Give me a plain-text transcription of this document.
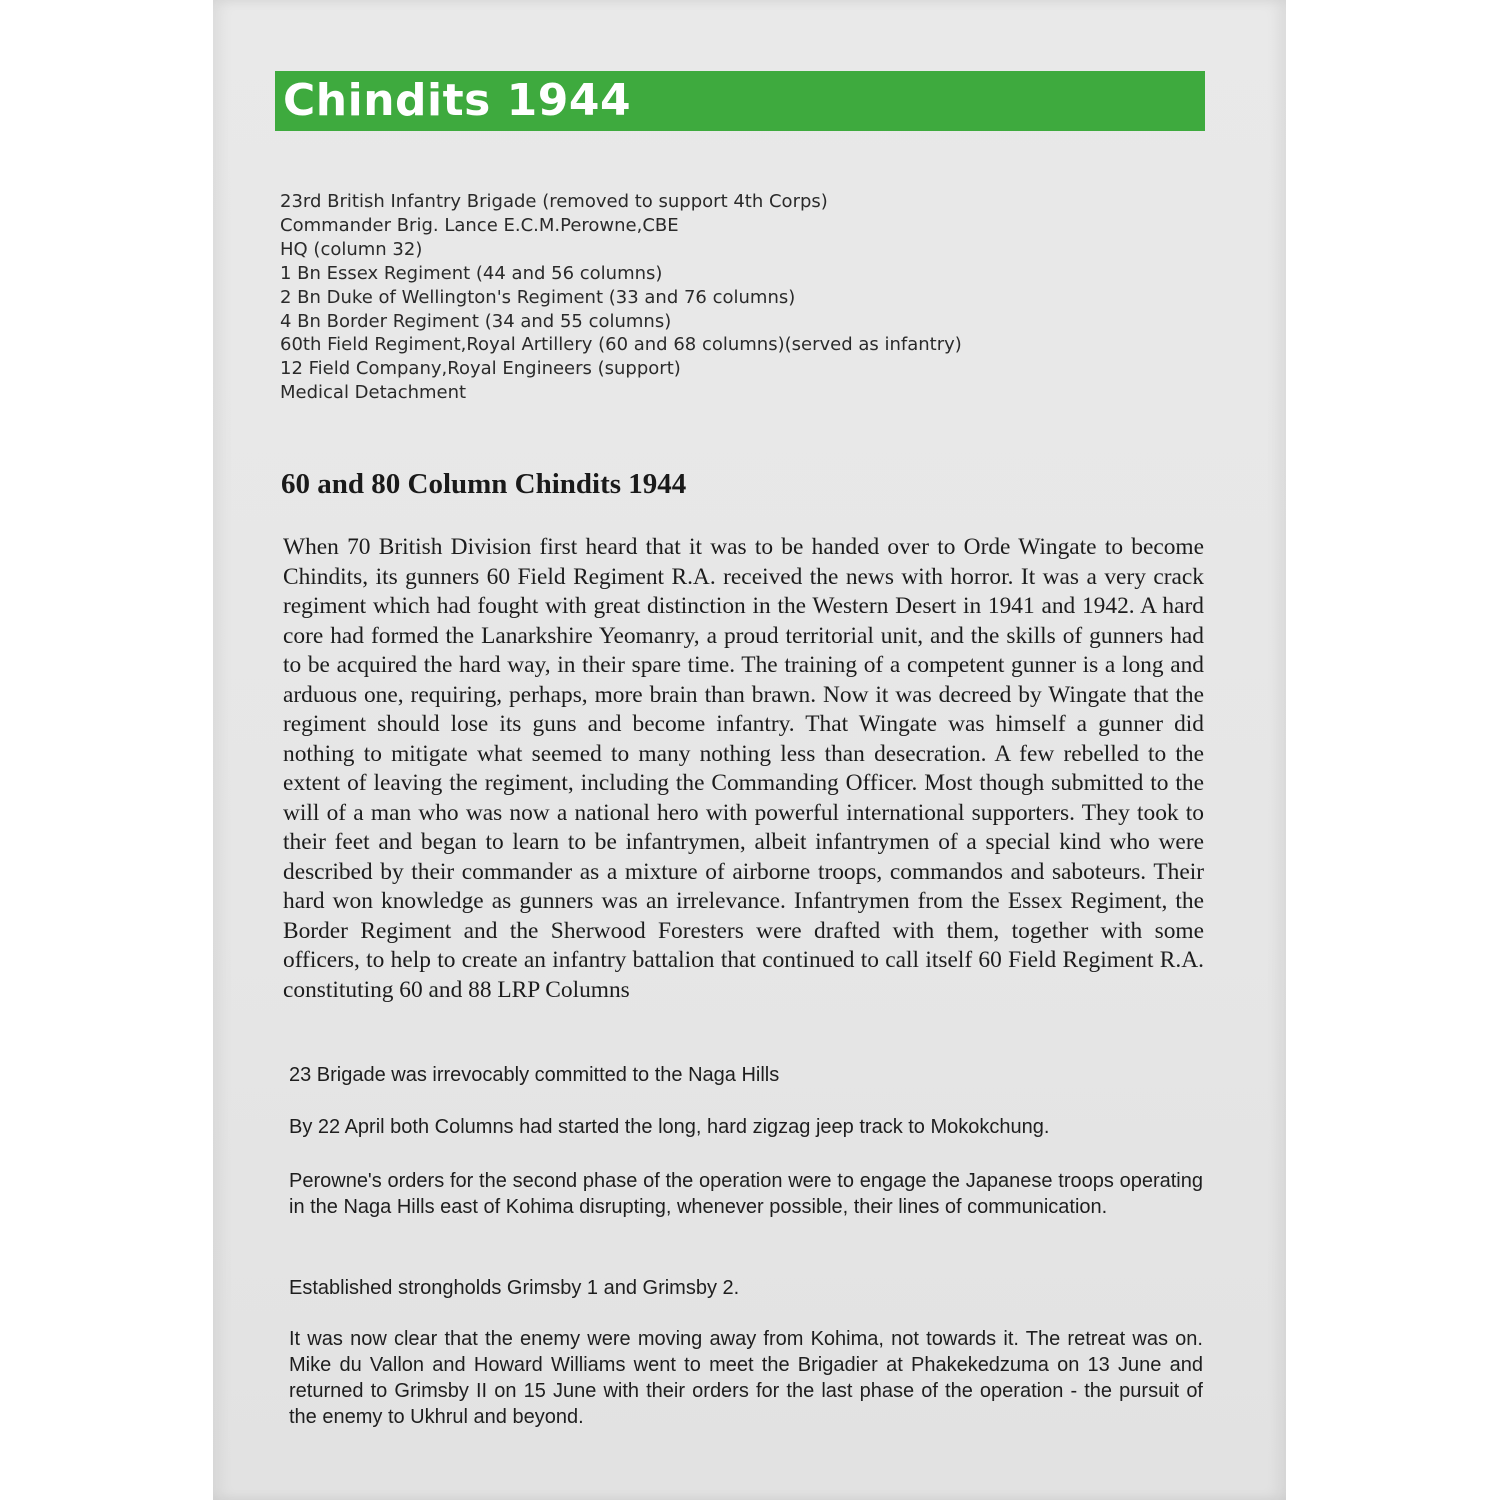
Chindits 1944
23rd British Infantry Brigade (removed to support 4th Corps)
Commander Brig. Lance E.C.M.Perowne,CBE
HQ (column 32)
1 Bn Essex Regiment (44 and 56 columns)
2 Bn Duke of Wellington's Regiment (33 and 76 columns)
4 Bn Border Regiment (34 and 55 columns)
60th Field Regiment,Royal Artillery (60 and 68 columns)(served as infantry)
12 Field Company,Royal Engineers (support)
Medical Detachment
60 and 80 Column Chindits 1944

When 70 British Division first heard that it was to be handed over to Orde Wingate to become Chindits, its gunners 60 Field Regiment R.A. received the news with horror. It was a very crack regiment which had fought with great distinction in the Western Desert in 1941 and 1942. A hard core had formed the Lanarkshire Yeomanry, a proud territorial unit, and the skills of gunners had to be acquired the hard way, in their spare time. The training of a competent gunner is a long and arduous one, requiring, perhaps, more brain than brawn. Now it was decreed by Wingate that the regiment should lose its guns and become infantry. That Wingate was himself a gunner did nothing to mitigate what seemed to many nothing less than desecration. A few rebelled to the extent of leaving the regiment, including the Commanding Officer. Most though submitted to the will of a man who was now a national hero with powerful international supporters. They took to their feet and began to learn to be infantrymen, albeit infantrymen of a special kind who were described by their commander as a mixture of airborne troops, commandos and saboteurs. Their hard won knowledge as gunners was an irrelevance. Infantrymen from the Essex Regiment, the Border Regiment and the Sherwood Foresters were drafted with them, together with some officers, to help to create an infantry battalion that continued to call itself 60 Field Regiment R.A. constituting 60 and 88 LRP Columns

23 Brigade was irrevocably committed to the Naga Hills

By 22 April both Columns had started the long, hard zigzag jeep track to Mokokchung.

Perowne's orders for the second phase of the operation were to engage the Japanese troops operating in the Naga Hills east of Kohima disrupting, whenever possible, their lines of communication.

Established strongholds Grimsby 1 and Grimsby 2.

It was now clear that the enemy were moving away from Kohima, not towards it. The retreat was on. Mike du Vallon and Howard Williams went to meet the Brigadier at Phakekedzuma on 13 June and returned to Grimsby II on 15 June with their orders for the last phase of the operation - the pursuit of the enemy to Ukhrul and beyond.
